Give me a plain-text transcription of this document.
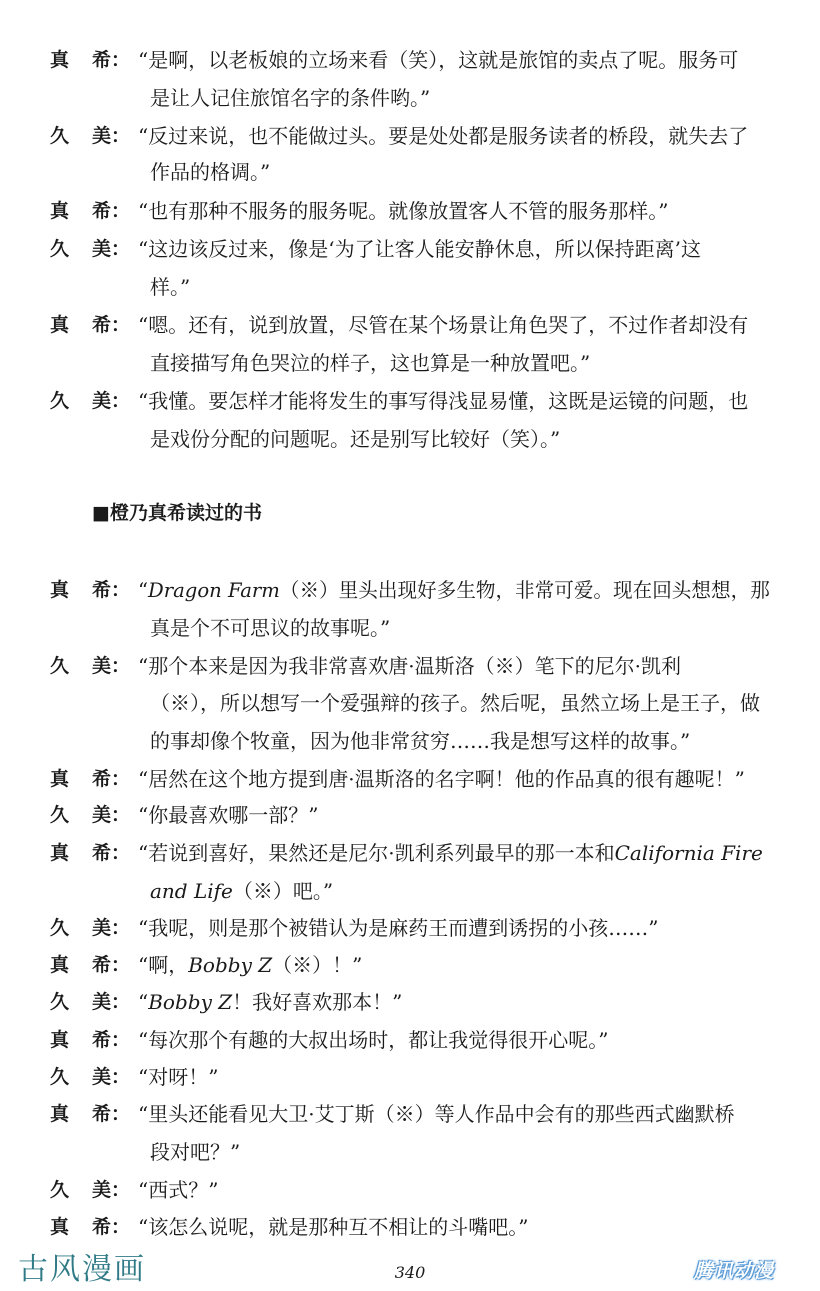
真 希： “是啊，以老板娘的立场来看（笑），这就是旅馆的卖点了呢。服务可
是让人记住旅馆名字的条件哟。”
久 美： “反过来说，也不能做过头。要是处处都是服务读者的桥段，就失去了
作品的格调。”
真 希： “也有那种不服务的服务呢。就像放置客人不管的服务那样。”
久 美： “这边该反过来，像是‘为了让客人能安静休息，所以保持距离’这
样。”
真 希： “嗯。还有，说到放置，尽管在某个场景让角色哭了，不过作者却没有
直接描写角色哭泣的样子，这也算是一种放置吧。”
久 美： “我懂。要怎样才能将发生的事写得浅显易懂，这既是运镜的问题，也
是戏份分配的问题呢。还是别写比较好（笑）。”
■橙乃真希读过的书
真 希： “Dragon Farm（※）里头出现好多生物，非常可爱。现在回头想想，那
真是个不可思议的故事呢。”
久 美： “那个本来是因为我非常喜欢唐·温斯洛（※）笔下的尼尔·凯利
（※），所以想写一个爱强辩的孩子。然后呢，虽然立场上是王子，做
的事却像个牧童，因为他非常贫穷……我是想写这样的故事。”
真 希： “居然在这个地方提到唐·温斯洛的名字啊！他的作品真的很有趣呢！”
久 美： “你最喜欢哪一部？”
真 希： “若说到喜好，果然还是尼尔·凯利系列最早的那一本和California Fire
and Life（※）吧。”
久 美： “我呢，则是那个被错认为是麻药王而遭到诱拐的小孩……”
真 希： “啊，Bobby Z（※）！”
久 美： “Bobby Z！我好喜欢那本！”
真 希： “每次那个有趣的大叔出场时，都让我觉得很开心呢。”
久 美： “对呀！”
真 希： “里头还能看见大卫·艾丁斯（※）等人作品中会有的那些西式幽默桥
段对吧？”
久 美： “西式？”
真 希： “该怎么说呢，就是那种互不相让的斗嘴吧。”
340
古风漫画	腾讯动漫
